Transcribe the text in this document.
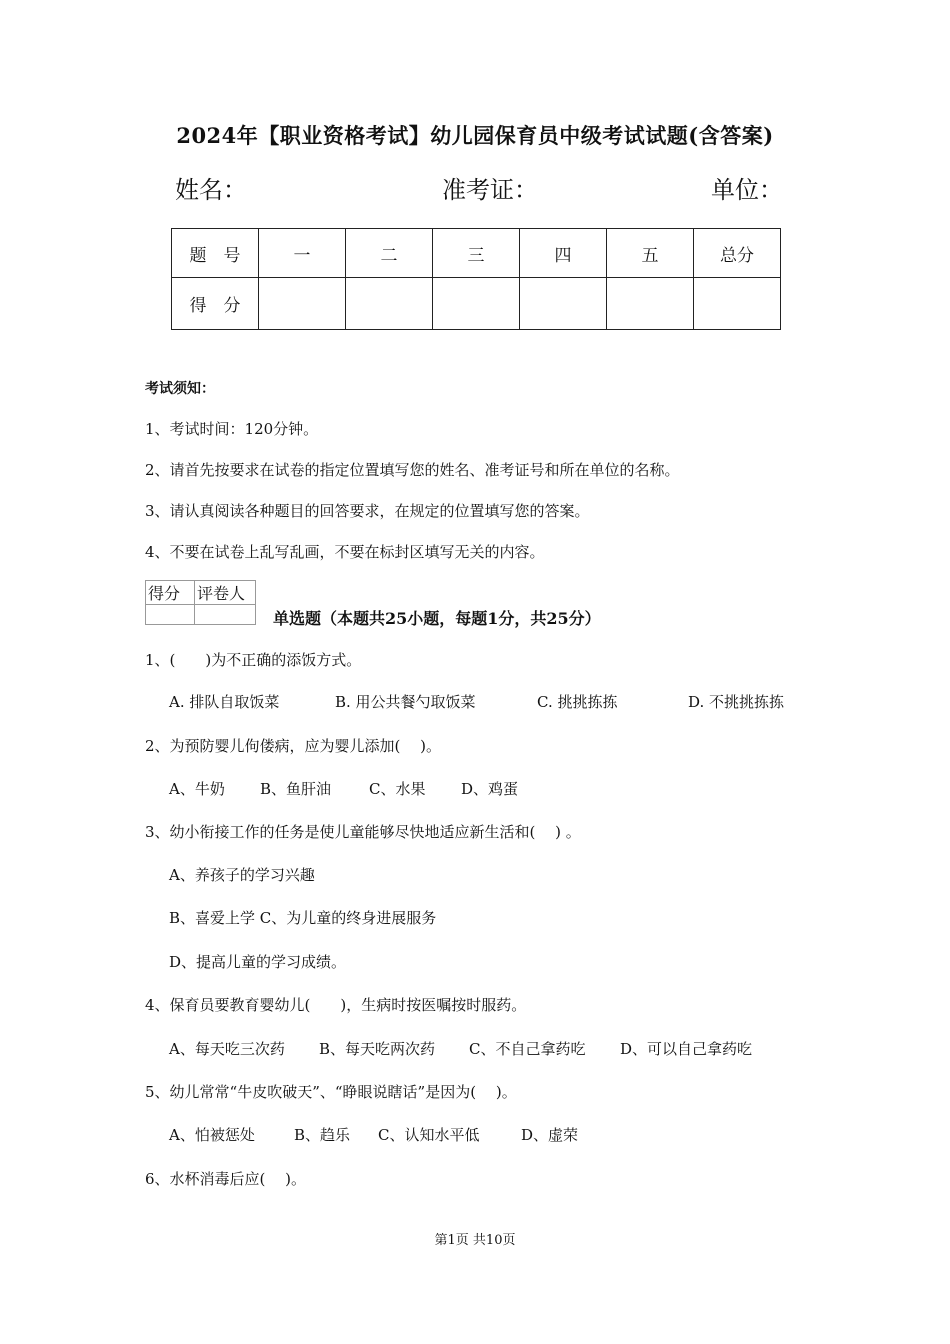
2024年【职业资格考试】幼儿园保育员中级考试试题(含答案)
姓名：	准考证：	单位：
题　号	一	二	三	四	五	总分
得　分						
考试须知：
1、考试时间：120分钟。
2、请首先按要求在试卷的指定位置填写您的姓名、准考证号和所在单位的名称。
3、请认真阅读各种题目的回答要求，在规定的位置填写您的答案。
4、不要在试卷上乱写乱画，不要在标封区填写无关的内容。
得分	评卷人

单选题（本题共25小题，每题1分，共25分）
1、(　　)为不正确的添饭方式。
A. 排队自取饭菜	B. 用公共餐勺取饭菜	C. 挑挑拣拣	D. 不挑挑拣拣
2、为预防婴儿佝偻病，应为婴儿添加(　 )。
A、牛奶 B、鱼肝油	C、水果 D、鸡蛋
3、幼小衔接工作的任务是使儿童能够尽快地适应新生活和(　 ) 。
A、养孩子的学习兴趣
B、喜爱上学 C、为儿童的终身进展服务
D、提高儿童的学习成绩。
4、保育员要教育婴幼儿(　　)，生病时按医嘱按时服药。
A、每天吃三次药 B、每天吃两次药 C、不自己拿药吃 D、可以自己拿药吃
5、幼儿常常“牛皮吹破天”、“睁眼说瞎话”是因为(　 )。
A、怕被惩处	B、趋乐 C、认知水平低	D、虚荣
6、水杯消毒后应(　 )。
第1页 共10页
